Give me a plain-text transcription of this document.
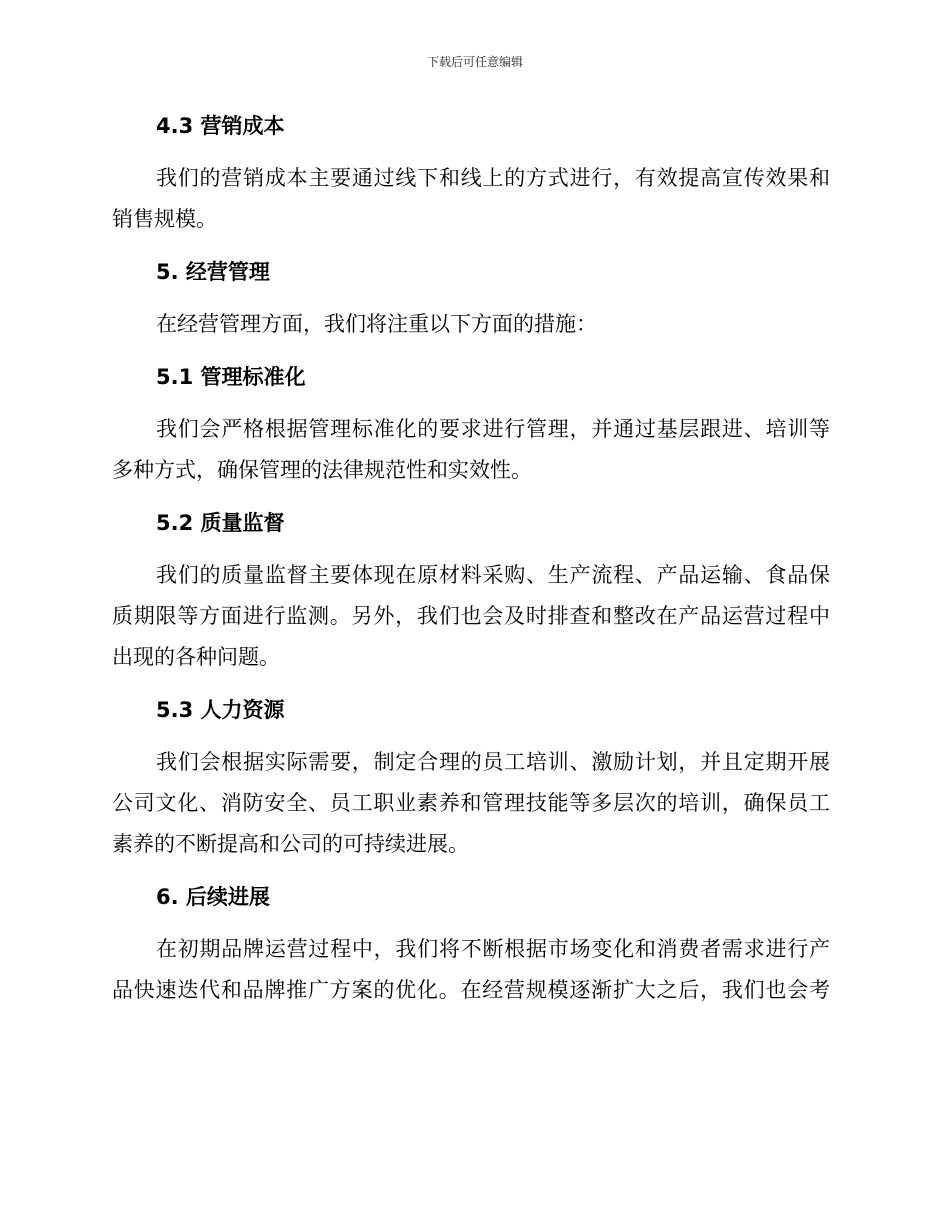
下载后可任意编辑
4.3 营销成本

我们的营销成本主要通过线下和线上的方式进行，有效提高宣传效果和
销售规模。

5. 经营管理

在经营管理方面，我们将注重以下方面的措施：

5.1 管理标准化

我们会严格根据管理标准化的要求进行管理，并通过基层跟进、培训等
多种方式，确保管理的法律规范性和实效性。

5.2 质量监督

我们的质量监督主要体现在原材料采购、生产流程、产品运输、食品保
质期限等方面进行监测。另外，我们也会及时排查和整改在产品运营过程中
出现的各种问题。

5.3 人力资源

我们会根据实际需要，制定合理的员工培训、激励计划，并且定期开展
公司文化、消防安全、员工职业素养和管理技能等多层次的培训，确保员工
素养的不断提高和公司的可持续进展。

6. 后续进展

在初期品牌运营过程中，我们将不断根据市场变化和消费者需求进行产
品快速迭代和品牌推广方案的优化。在经营规模逐渐扩大之后，我们也会考
